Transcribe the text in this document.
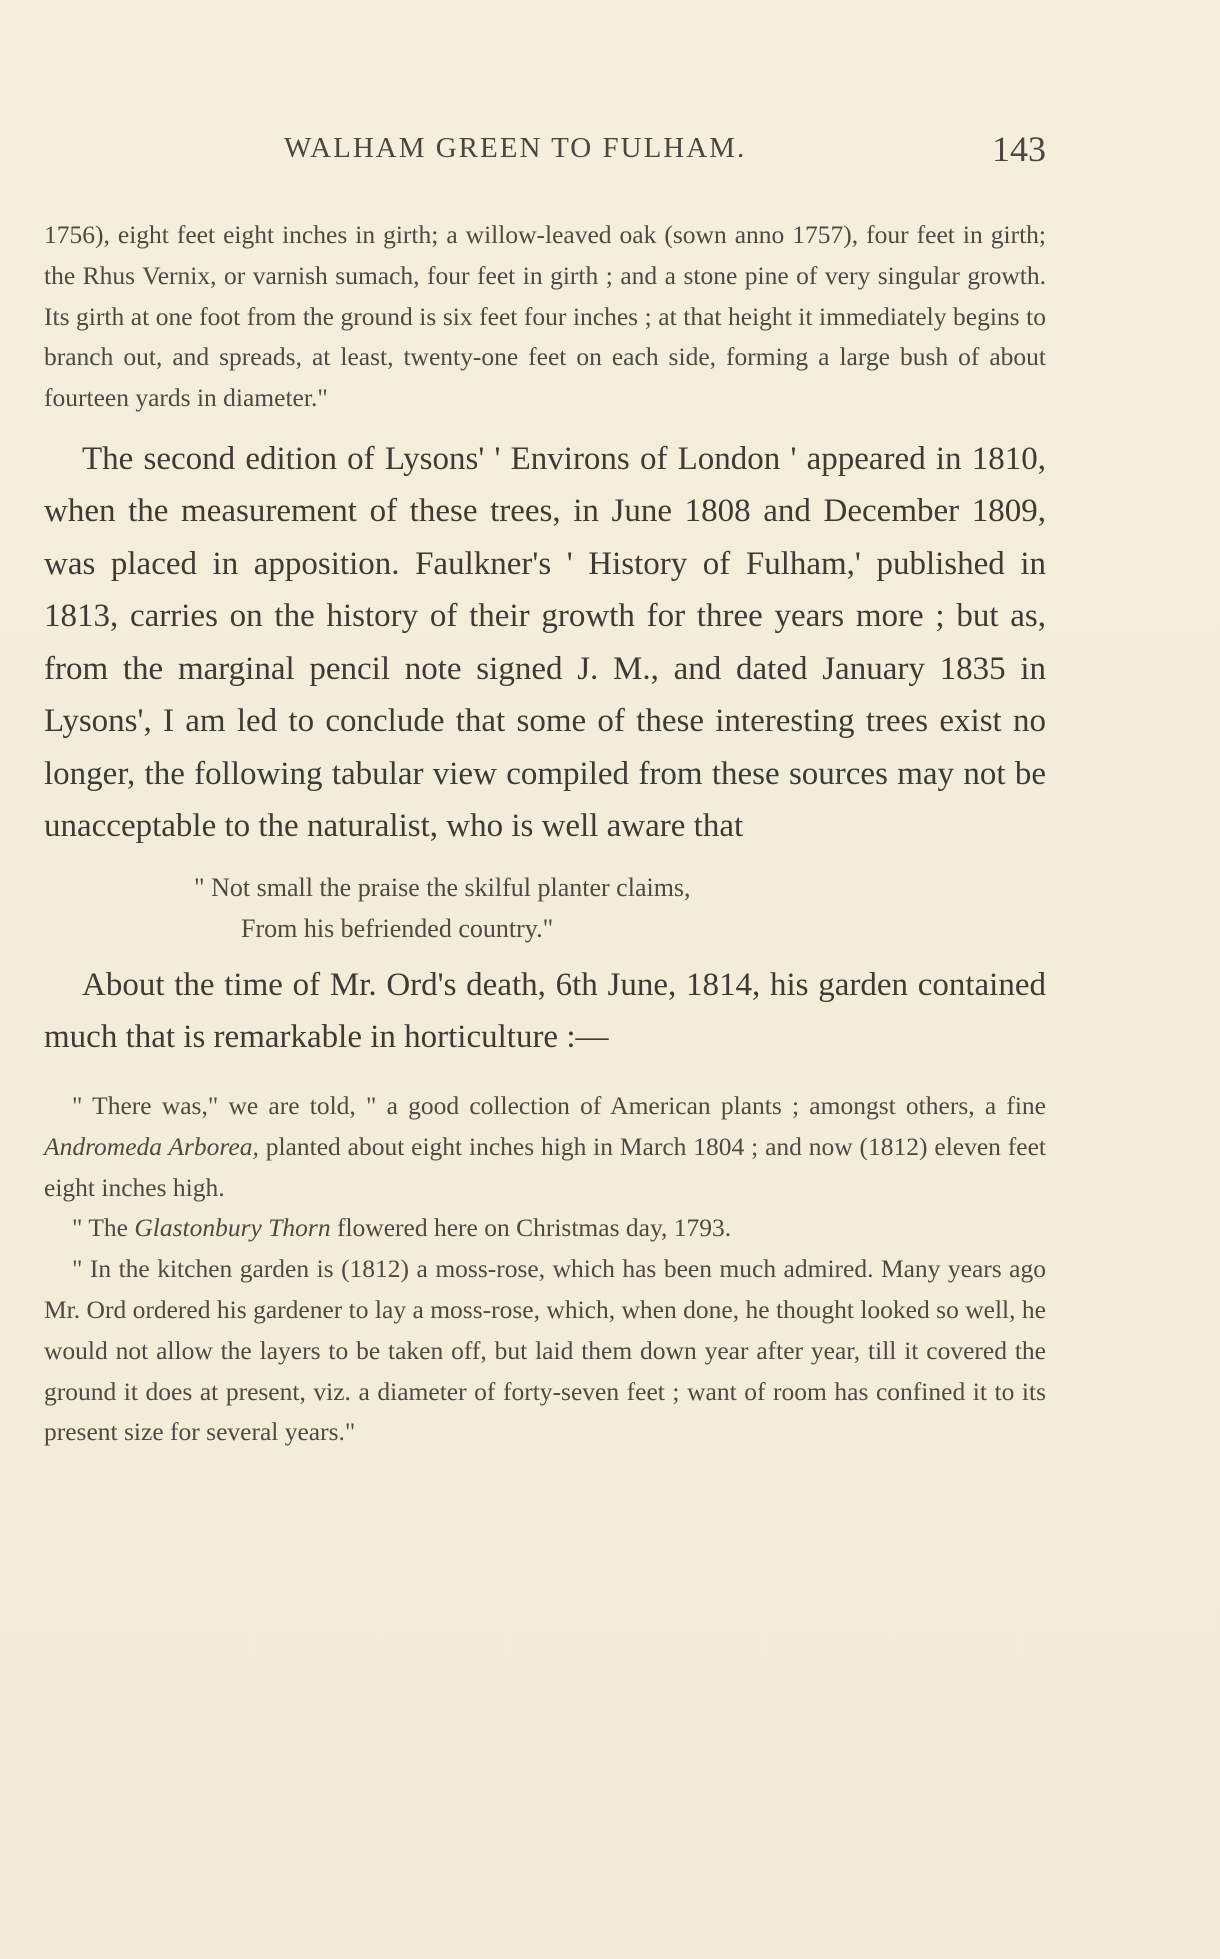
WALHAM GREEN TO FULHAM.	143

1756), eight feet eight inches in girth; a willow-leaved oak (sown anno 1757), four feet in girth; the Rhus Vernix, or varnish sumach, four feet in girth ; and a stone pine of very singular growth. Its girth at one foot from the ground is six feet four inches ; at that height it immediately begins to branch out, and spreads, at least, twenty-one feet on each side, forming a large bush of about fourteen yards in diameter."

The second edition of Lysons' ' Environs of London ' appeared in 1810, when the measurement of these trees, in June 1808 and December 1809, was placed in apposition. Faulkner's ' History of Fulham,' published in 1813, carries on the history of their growth for three years more ; but as, from the marginal pencil note signed J. M., and dated January 1835 in Lysons', I am led to conclude that some of these interesting trees exist no longer, the following tabular view compiled from these sources may not be unacceptable to the naturalist, who is well aware that

" Not small the praise the skilful planter claims,
From his befriended country."

About the time of Mr. Ord's death, 6th June, 1814, his garden contained much that is remarkable in horticulture :—

" There was," we are told, " a good collection of American plants ; amongst others, a fine Andromeda Arborea, planted about eight inches high in March 1804 ; and now (1812) eleven feet eight inches high.

" The Glastonbury Thorn flowered here on Christmas day, 1793.

" In the kitchen garden is (1812) a moss-rose, which has been much admired. Many years ago Mr. Ord ordered his gardener to lay a moss-rose, which, when done, he thought looked so well, he would not allow the layers to be taken off, but laid them down year after year, till it covered the ground it does at present, viz. a diameter of forty-seven feet ; want of room has confined it to its present size for several years."
